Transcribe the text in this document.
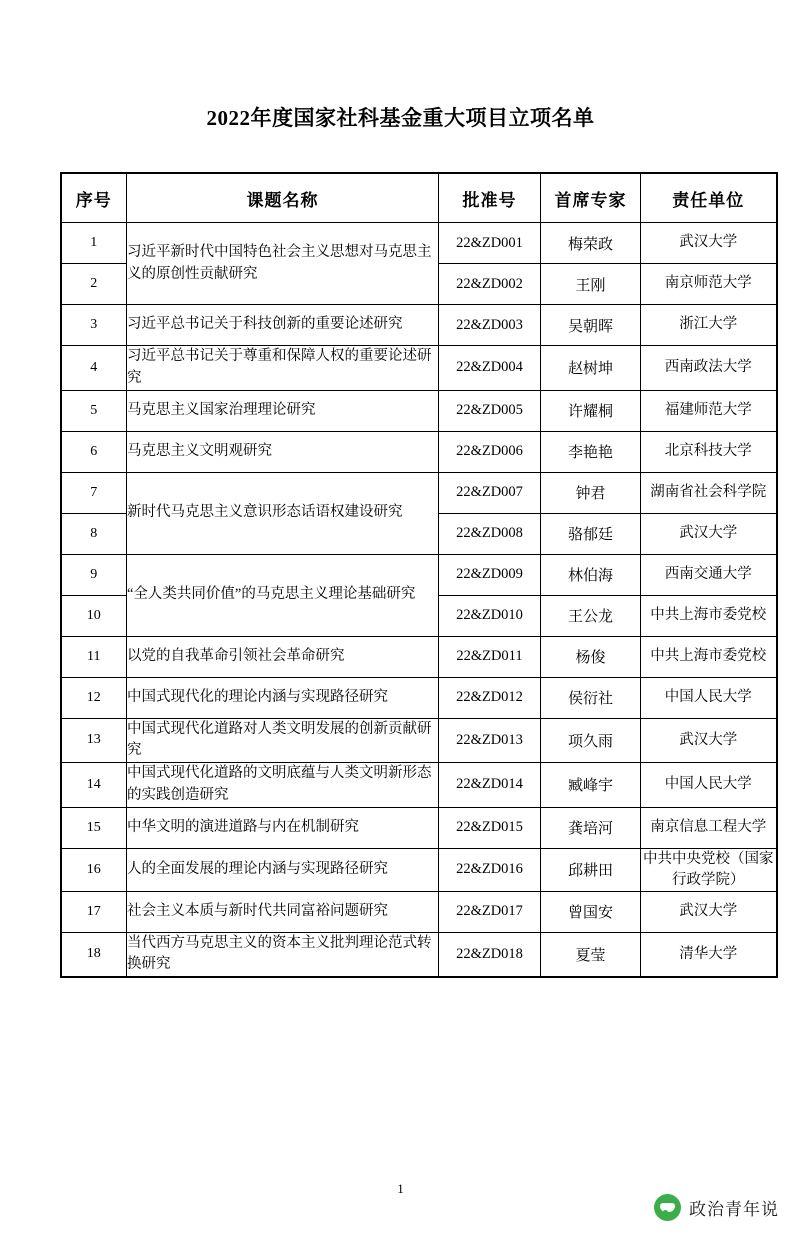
2022年度国家社科基金重大项目立项名单
序号	课题名称	批准号	首席专家	责任单位
1	习近平新时代中国特色社会主义思想对马克思主义的原创性贡献研究	22&ZD001	梅荣政	武汉大学
2		22&ZD002	王刚	南京师范大学
3	习近平总书记关于科技创新的重要论述研究	22&ZD003	吴朝晖	浙江大学
4	习近平总书记关于尊重和保障人权的重要论述研究	22&ZD004	赵树坤	西南政法大学
5	马克思主义国家治理理论研究	22&ZD005	许耀桐	福建师范大学
6	马克思主义文明观研究	22&ZD006	李艳艳	北京科技大学
7	新时代马克思主义意识形态话语权建设研究	22&ZD007	钟君	湖南省社会科学院
8		22&ZD008	骆郁廷	武汉大学
9	“全人类共同价值”的马克思主义理论基础研究	22&ZD009	林伯海	西南交通大学
10		22&ZD010	王公龙	中共上海市委党校
11	以党的自我革命引领社会革命研究	22&ZD011	杨俊	中共上海市委党校
12	中国式现代化的理论内涵与实现路径研究	22&ZD012	侯衍社	中国人民大学
13	中国式现代化道路对人类文明发展的创新贡献研究	22&ZD013	项久雨	武汉大学
14	中国式现代化道路的文明底蕴与人类文明新形态的实践创造研究	22&ZD014	臧峰宇	中国人民大学
15	中华文明的演进道路与内在机制研究	22&ZD015	龚培河	南京信息工程大学
16	人的全面发展的理论内涵与实现路径研究	22&ZD016	邱耕田	中共中央党校（国家行政学院）
17	社会主义本质与新时代共同富裕问题研究	22&ZD017	曾国安	武汉大学
18	当代西方马克思主义的资本主义批判理论范式转换研究	22&ZD018	夏莹	清华大学
1
政治青年说
